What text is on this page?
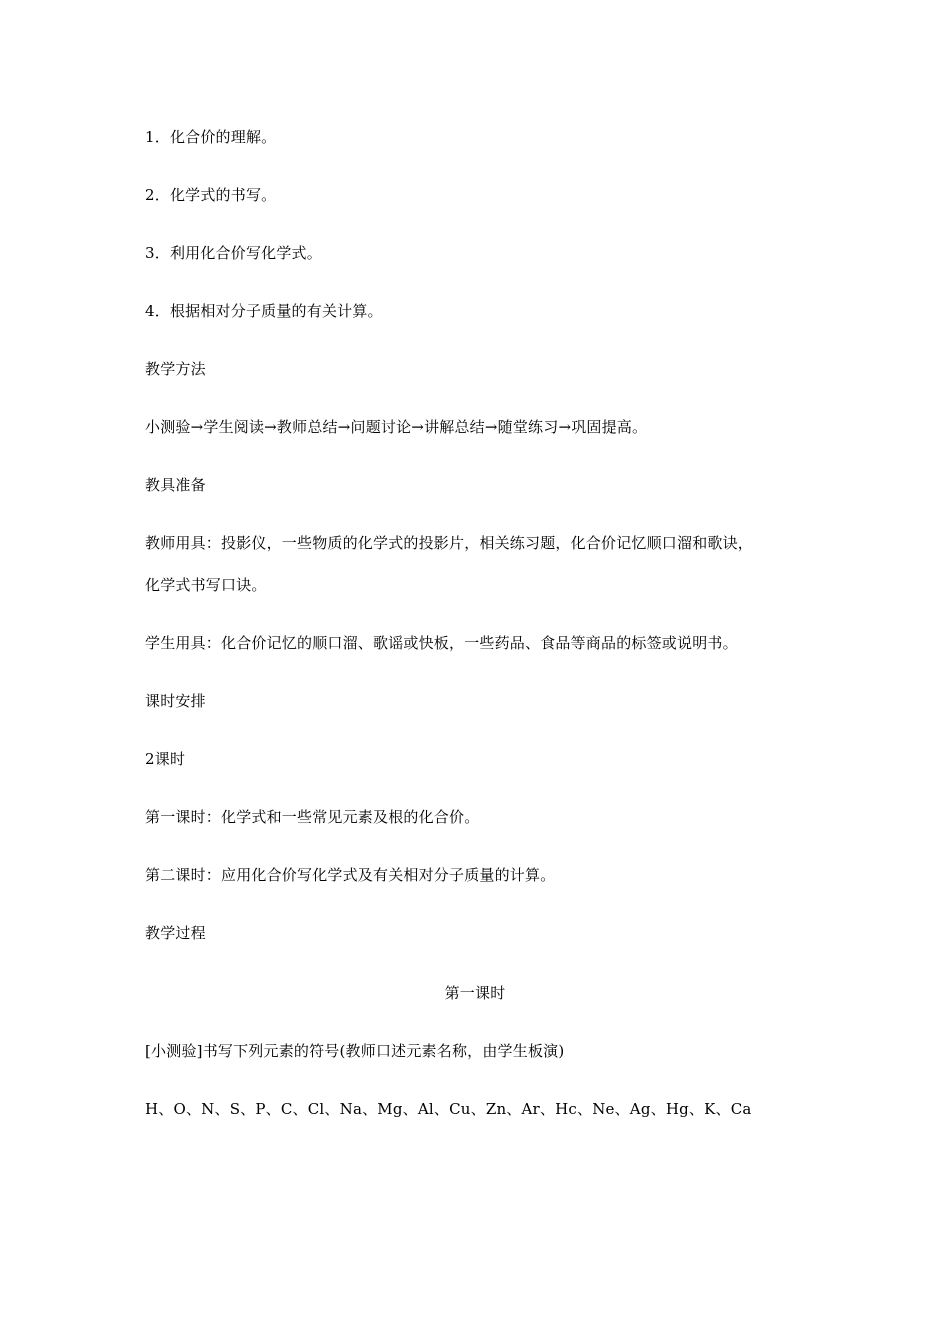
1．化合价的理解。
2．化学式的书写。
3．利用化合价写化学式。
4．根据相对分子质量的有关计算。
教学方法
小测验→学生阅读→教师总结→问题讨论→讲解总结→随堂练习→巩固提高。
教具准备
教师用具：投影仪，一些物质的化学式的投影片，相关练习题，化合价记忆顺口溜和歌诀，
化学式书写口诀。
学生用具：化合价记忆的顺口溜、歌谣或快板，一些药品、食品等商品的标签或说明书。
课时安排
2课时
第一课时：化学式和一些常见元素及根的化合价。
第二课时：应用化合价写化学式及有关相对分子质量的计算。
教学过程
第一课时
[小测验]书写下列元素的符号(教师口述元素名称，由学生板演)
H、O、N、S、P、C、Cl、Na、Mg、Al、Cu、Zn、Ar、Hc、Ne、Ag、Hg、K、Ca
